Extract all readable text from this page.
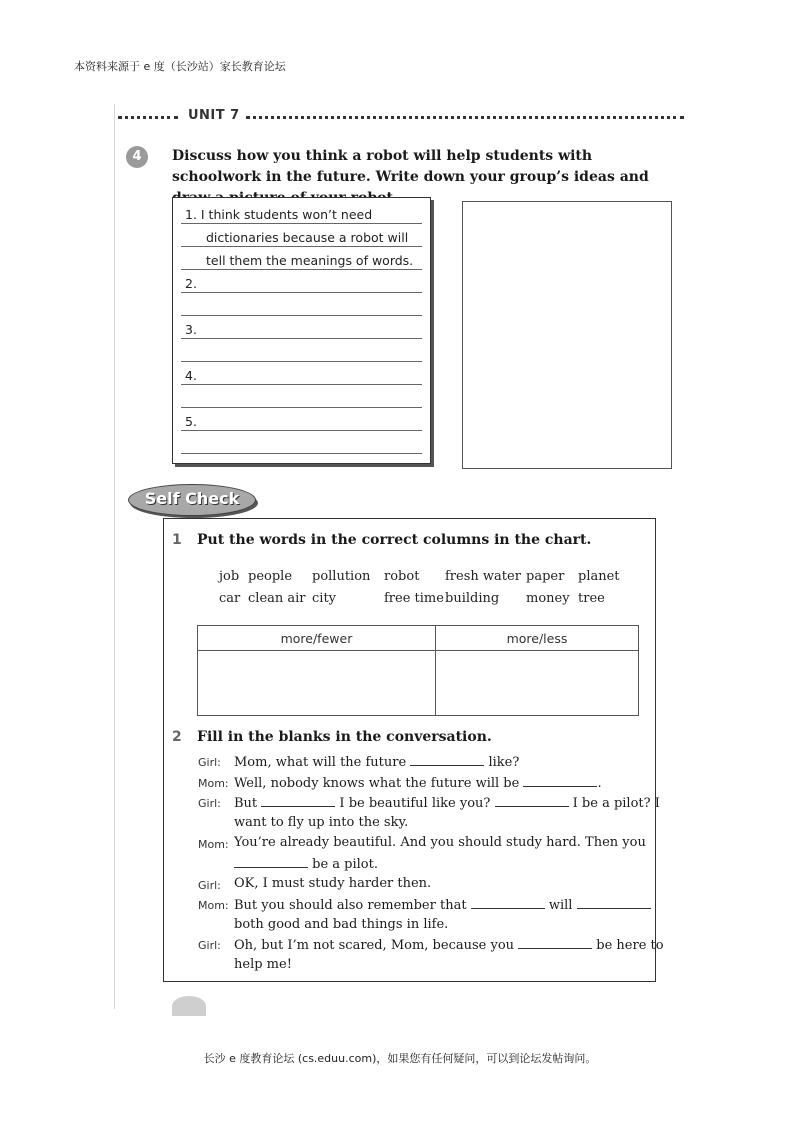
本资料来源于 e 度（长沙站）家长教育论坛
UNIT 7
4	Discuss how you think a robot will help students with schoolwork in the future. Write down your group’s ideas and
1. I think students won’t need
dictionaries because a robot will
tell them the meanings of words.
2.
3.
4.
5.
Self Check
1 Put the words in the correct columns in the chart.
job people pollution robot fresh water paper planet
car clean air city	free time building money tree
more/fewer	more/less

2 Fill in the blanks in the conversation.
Girl: Mom, what will the future	like?
Mom: Well, nobody knows what the future will be	.
Girl: But	I be beautiful like you?	I be a pilot? I
want to fly up into the sky.
Mom: You’re already beautiful. And you should study hard. Then you
be a pilot.
Girl: OK, I must study harder then.
Mom: But you should also remember that	will
both good and bad things in life.
Girl: Oh, but I’m not scared, Mom, because you	be here to
help me!
长沙 e 度教育论坛 (cs.eduu.com)，如果您有任何疑问，可以到论坛发帖询问。
